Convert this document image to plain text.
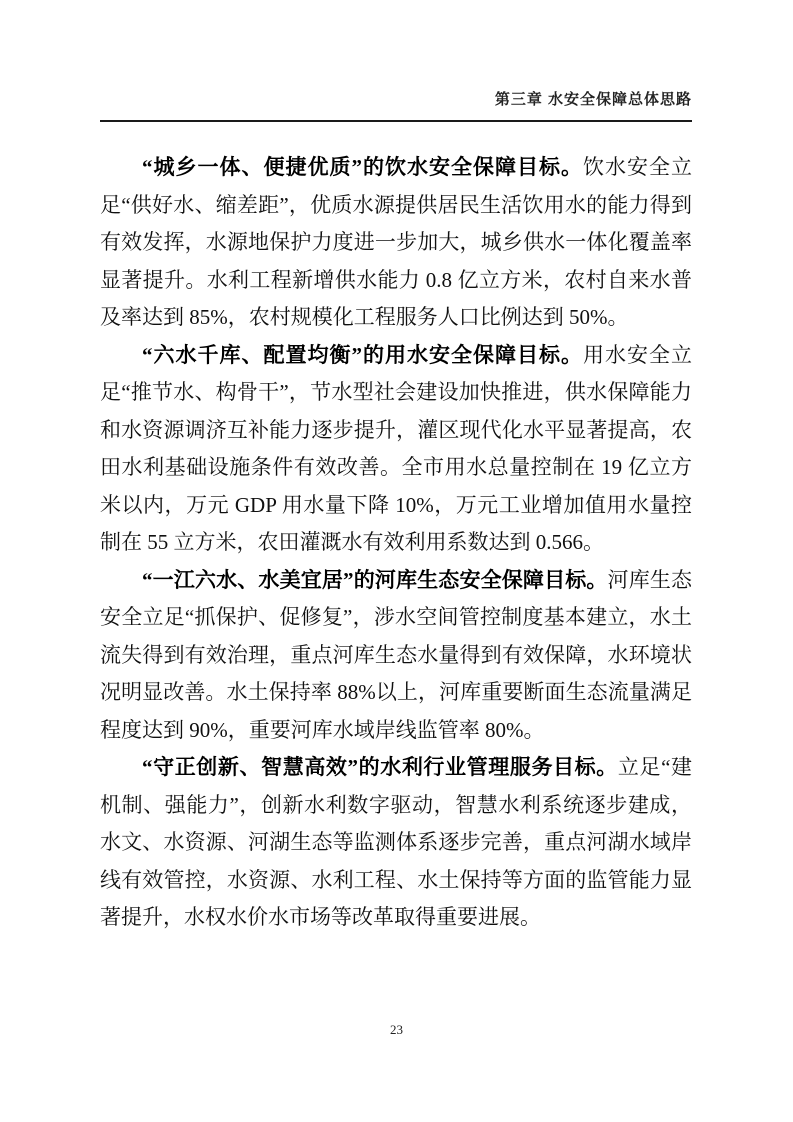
第三章 水安全保障总体思路

“城乡一体、便捷优质”的饮水安全保障目标。饮水安全立足“供好水、缩差距”，优质水源提供居民生活饮用水的能力得到有效发挥，水源地保护力度进一步加大，城乡供水一体化覆盖率显著提升。水利工程新增供水能力 0.8 亿立方米，农村自来水普及率达到 85%，农村规模化工程服务人口比例达到 50%。

“六水千库、配置均衡”的用水安全保障目标。用水安全立足“推节水、构骨干”，节水型社会建设加快推进，供水保障能力和水资源调济互补能力逐步提升，灌区现代化水平显著提高，农田水利基础设施条件有效改善。全市用水总量控制在 19 亿立方米以内，万元 GDP 用水量下降 10%，万元工业增加值用水量控制在 55 立方米，农田灌溉水有效利用系数达到 0.566。

“一江六水、水美宜居”的河库生态安全保障目标。河库生态安全立足“抓保护、促修复”，涉水空间管控制度基本建立，水土流失得到有效治理，重点河库生态水量得到有效保障，水环境状况明显改善。水土保持率 88%以上，河库重要断面生态流量满足程度达到 90%，重要河库水域岸线监管率 80%。

“守正创新、智慧高效”的水利行业管理服务目标。立足“建机制、强能力”，创新水利数字驱动，智慧水利系统逐步建成，水文、水资源、河湖生态等监测体系逐步完善，重点河湖水域岸线有效管控，水资源、水利工程、水土保持等方面的监管能力显著提升，水权水价水市场等改革取得重要进展。

23
